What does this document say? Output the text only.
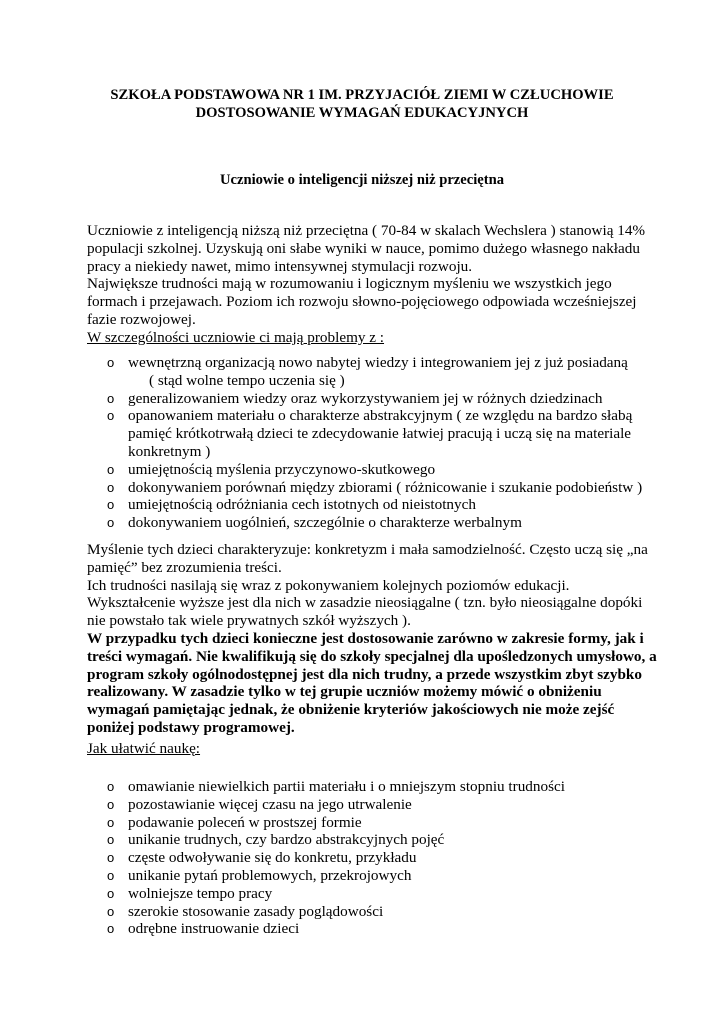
SZKOŁA PODSTAWOWA NR 1 IM. PRZYJACIÓŁ ZIEMI W CZŁUCHOWIE
DOSTOSOWANIE WYMAGAŃ EDUKACYJNYCH
Uczniowie o inteligencji niższej niż przeciętna
Uczniowie z inteligencją niższą niż przeciętna ( 70-84 w skalach Wechslera ) stanowią 14%
populacji szkolnej. Uzyskują oni słabe wyniki w nauce, pomimo dużego własnego nakładu
pracy a niekiedy nawet, mimo intensywnej stymulacji rozwoju.
Największe trudności mają w rozumowaniu i logicznym myśleniu we wszystkich jego
formach i przejawach. Poziom ich rozwoju słowno-pojęciowego odpowiada wcześniejszej
fazie rozwojowej.
W szczególności uczniowie ci mają problemy z :
o wewnętrzną organizacją nowo nabytej wiedzy i integrowaniem jej z już posiadaną
( stąd wolne tempo uczenia się )
o generalizowaniem wiedzy oraz wykorzystywaniem jej w różnych dziedzinach
o opanowaniem materiału o charakterze abstrakcyjnym ( ze względu na bardzo słabą
pamięć krótkotrwałą dzieci te zdecydowanie łatwiej pracują i uczą się na materiale
konkretnym )
o umiejętnością myślenia przyczynowo-skutkowego
o dokonywaniem porównań między zbiorami ( różnicowanie i szukanie podobieństw )
o umiejętnością odróżniania cech istotnych od nieistotnych
o dokonywaniem uogólnień, szczególnie o charakterze werbalnym
Myślenie tych dzieci charakteryzuje: konkretyzm i mała samodzielność. Często uczą się „na
pamięć” bez zrozumienia treści.
Ich trudności nasilają się wraz z pokonywaniem kolejnych poziomów edukacji.
Wykształcenie wyższe jest dla nich w zasadzie nieosiągalne ( tzn. było nieosiągalne dopóki
nie powstało tak wiele prywatnych szkół wyższych ).
W przypadku tych dzieci konieczne jest dostosowanie zarówno w zakresie formy, jak i
treści wymagań. Nie kwalifikują się do szkoły specjalnej dla upośledzonych umysłowo, a
program szkoły ogólnodostępnej jest dla nich trudny, a przede wszystkim zbyt szybko
realizowany. W zasadzie tylko w tej grupie uczniów możemy mówić o obniżeniu
wymagań pamiętając jednak, że obniżenie kryteriów jakościowych nie może zejść
poniżej podstawy programowej.
Jak ułatwić naukę:
o omawianie niewielkich partii materiału i o mniejszym stopniu trudności
o pozostawianie więcej czasu na jego utrwalenie
o podawanie poleceń w prostszej formie
o unikanie trudnych, czy bardzo abstrakcyjnych pojęć
o częste odwoływanie się do konkretu, przykładu
o unikanie pytań problemowych, przekrojowych
o wolniejsze tempo pracy
o szerokie stosowanie zasady poglądowości
o odrębne instruowanie dzieci
